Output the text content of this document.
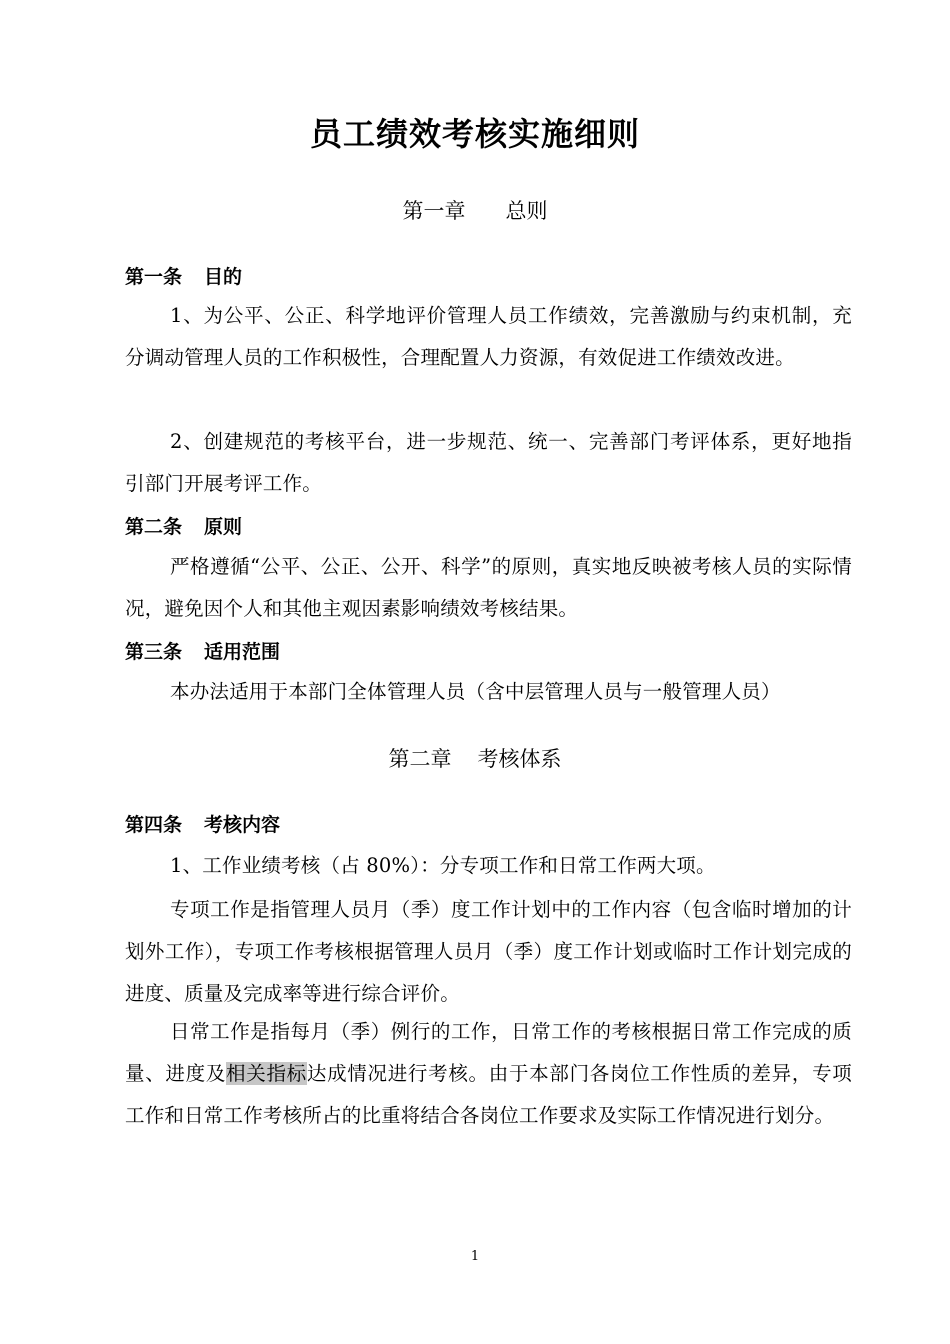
员工绩效考核实施细则
第一章 总则
第一条 目的
1、为公平、公正、科学地评价管理人员工作绩效，完善激励与约束机制，充分调动管理人员的工作积极性，合理配置人力资源，有效促进工作绩效改进。
2、创建规范的考核平台，进一步规范、统一、完善部门考评体系，更好地指引部门开展考评工作。
第二条 原则
严格遵循“公平、公正、公开、科学”的原则，真实地反映被考核人员的实际情况，避免因个人和其他主观因素影响绩效考核结果。
第三条 适用范围
本办法适用于本部门全体管理人员（含中层管理人员与一般管理人员）
第二章 考核体系
第四条 考核内容
1、工作业绩考核（占 80%）：分专项工作和日常工作两大项。
专项工作是指管理人员月（季）度工作计划中的工作内容（包含临时增加的计划外工作），专项工作考核根据管理人员月（季）度工作计划或临时工作计划完成的进度、质量及完成率等进行综合评价。
日常工作是指每月（季）例行的工作，日常工作的考核根据日常工作完成的质量、进度及相关指标达成情况进行考核。由于本部门各岗位工作性质的差异，专项工作和日常工作考核所占的比重将结合各岗位工作要求及实际工作情况进行划分。
1
